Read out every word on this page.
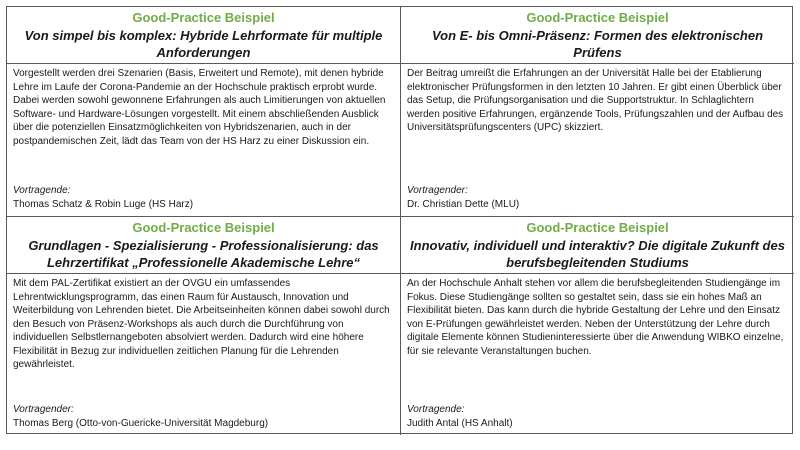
Good-Practice Beispiel
Von simpel bis komplex: Hybride Lehrformate für multiple Anforderungen
Good-Practice Beispiel
Von E- bis Omni-Präsenz: Formen des elektronischen Prüfens

Vorgestellt werden drei Szenarien (Basis, Erweitert und Remote), mit denen hybride Lehre im Laufe der Corona-Pandemie an der Hochschule praktisch erprobt wurde. Dabei werden sowohl gewonnene Erfahrungen als auch Limitierungen von aktuellen Software- und Hardware-Lösungen vorgestellt. Mit einem abschließenden Ausblick über die potenziellen Einsatzmöglichkeiten von Hybridszenarien, auch in der postpandemischen Zeit, lädt das Team von der HS Harz zu einer Diskussion ein.

Vortragende:
Thomas Schatz & Robin Luge (HS Harz)

Der Beitrag umreißt die Erfahrungen an der Universität Halle bei der Etablierung elektronischer Prüfungsformen in den letzten 10 Jahren. Er gibt einen Überblick über das Setup, die Prüfungsorganisation und die Supportstruktur. In Schlaglichtern werden positive Erfahrungen, ergänzende Tools, Prüfungszahlen und der Aufbau des Universitätsprüfungscenters (UPC) skizziert.

Vortragender:
Dr. Christian Dette (MLU)
Good-Practice Beispiel
Grundlagen - Spezialisierung - Professionalisierung: das Lehrzertifikat „Professionelle Akademische Lehre“
Good-Practice Beispiel
Innovativ, individuell und interaktiv? Die digitale Zukunft des berufsbegleitenden Studiums

Mit dem PAL-Zertifikat existiert an der OVGU ein umfassendes Lehrentwicklungsprogramm, das einen Raum für Austausch, Innovation und Weiterbildung von Lehrenden bietet. Die Arbeitseinheiten können dabei sowohl durch den Besuch von Präsenz-Workshops als auch durch die Durchführung von individuellen Selbstlernangeboten absolviert werden. Dadurch wird eine höhere Flexibilität in Bezug zur individuellen zeitlichen Planung für die Lehrenden gewährleistet.

Vortragender:
Thomas Berg (Otto-von-Guericke-Universität Magdeburg)

An der Hochschule Anhalt stehen vor allem die berufsbegleitenden Studiengänge im Fokus. Diese Studiengänge sollten so gestaltet sein, dass sie ein hohes Maß an Flexibilität bieten. Das kann durch die hybride Gestaltung der Lehre und den Einsatz von E-Prüfungen gewährleistet werden. Neben der Unterstützung der Lehre durch digitale Elemente können Studieninteressierte über die Anwendung WIBKO einzelne, für sie relevante Veranstaltungen buchen.

Vortragende:
Judith Antal (HS Anhalt)
